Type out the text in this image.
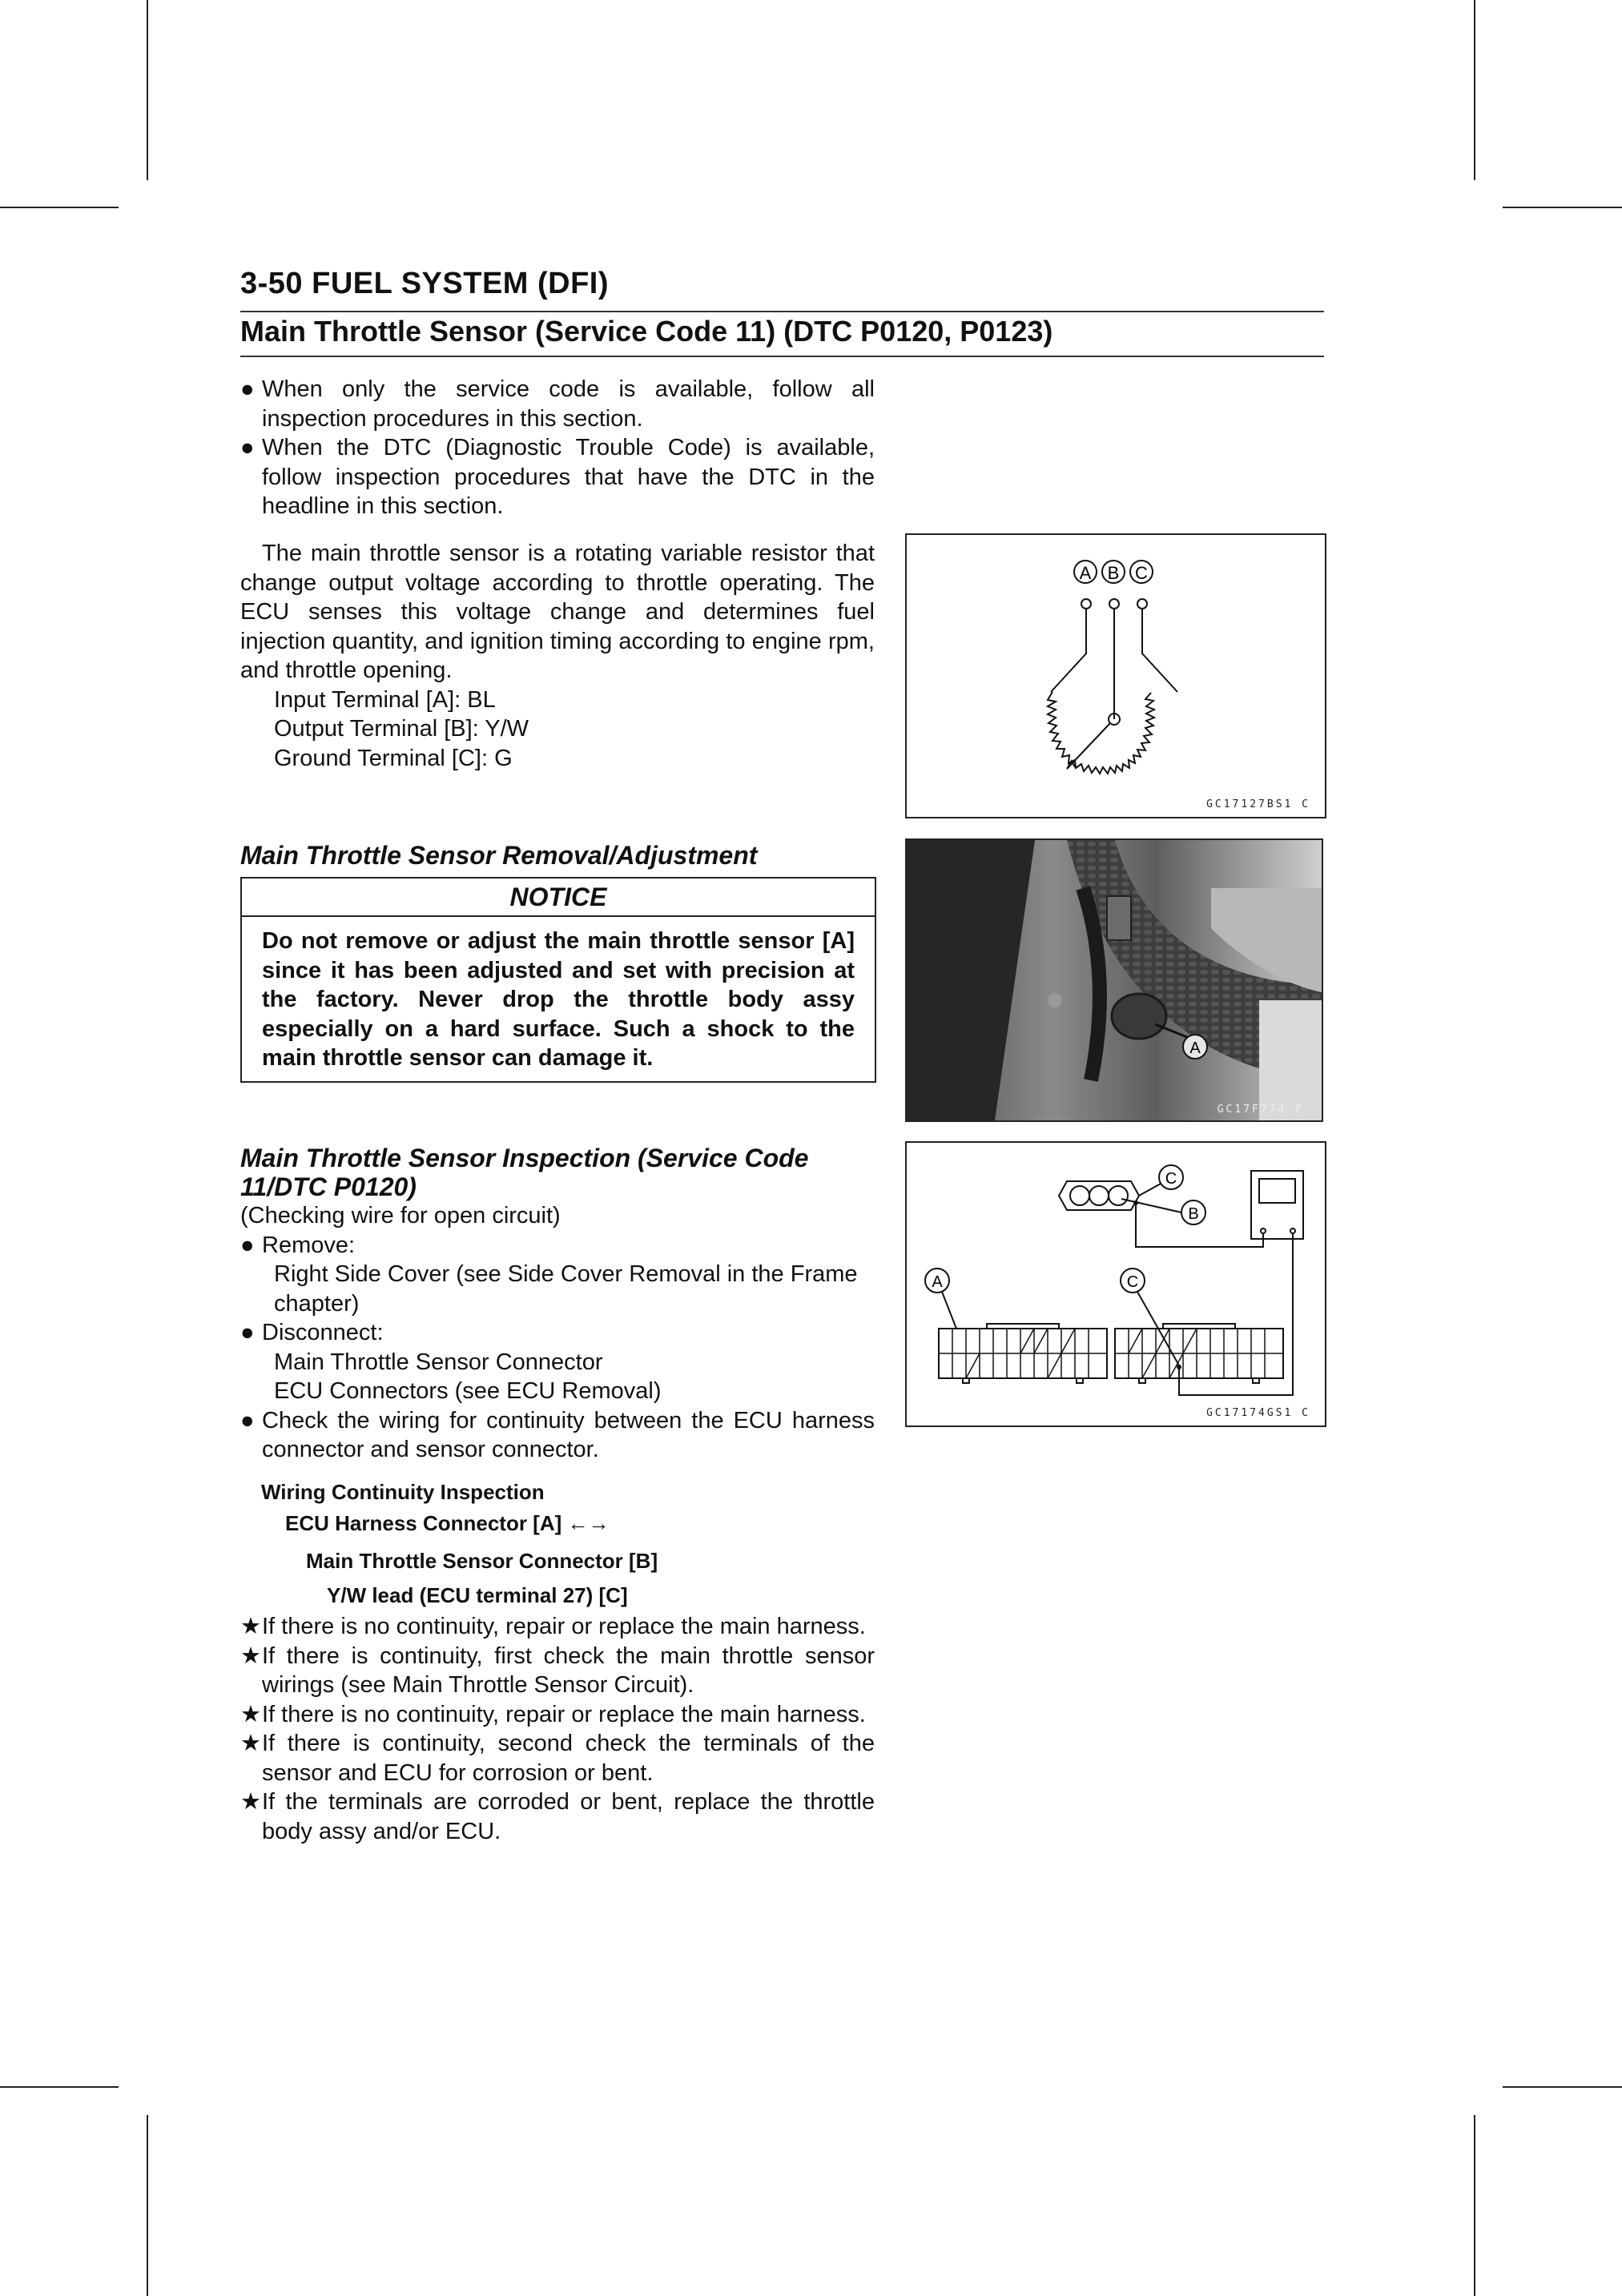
3-50 FUEL SYSTEM (DFI)
Main Throttle Sensor (Service Code 11) (DTC P0120, P0123)
● When only the service code is available, follow all inspection procedures in this section.
● When the DTC (Diagnostic Trouble Code) is available, follow inspection procedures that have the DTC in the headline in this section.
The main throttle sensor is a rotating variable resistor that change output voltage according to throttle operating. The ECU senses this voltage change and determines fuel injection quantity, and ignition timing according to engine rpm, and throttle opening.
Input Terminal [A]: BL
Output Terminal [B]: Y/W
Ground Terminal [C]: G
A B C
GC17127BS1 C
Main Throttle Sensor Removal/Adjustment
NOTICE
Do not remove or adjust the main throttle sensor [A] since it has been adjusted and set with precision at the factory. Never drop the throttle body assy especially on a hard surface. Such a shock to the main throttle sensor can damage it.	A
GC17F774 P
Main Throttle Sensor Inspection (Service Code
11/DTC P0120)
(Checking wire for open circuit)
● Remove:
Right Side Cover (see Side Cover Removal in the Frame chapter)
● Disconnect:
Main Throttle Sensor Connector
ECU Connectors (see ECU Removal)
● Check the wiring for continuity between the ECU harness connector and sensor connector.
Wiring Continuity Inspection
ECU Harness Connector [A] ←→
Main Throttle Sensor Connector [B]
Y/W lead (ECU terminal 27) [C]
★ If there is no continuity, repair or replace the main harness.
★ If there is continuity, first check the main throttle sensor wirings (see Main Throttle Sensor Circuit).
★ If there is no continuity, repair or replace the main harness.
★ If there is continuity, second check the terminals of the sensor and ECU for corrosion or bent.
★ If the terminals are corroded or bent, replace the throttle body assy and/or ECU.
C
B
A	C
GC17174GS1 C
